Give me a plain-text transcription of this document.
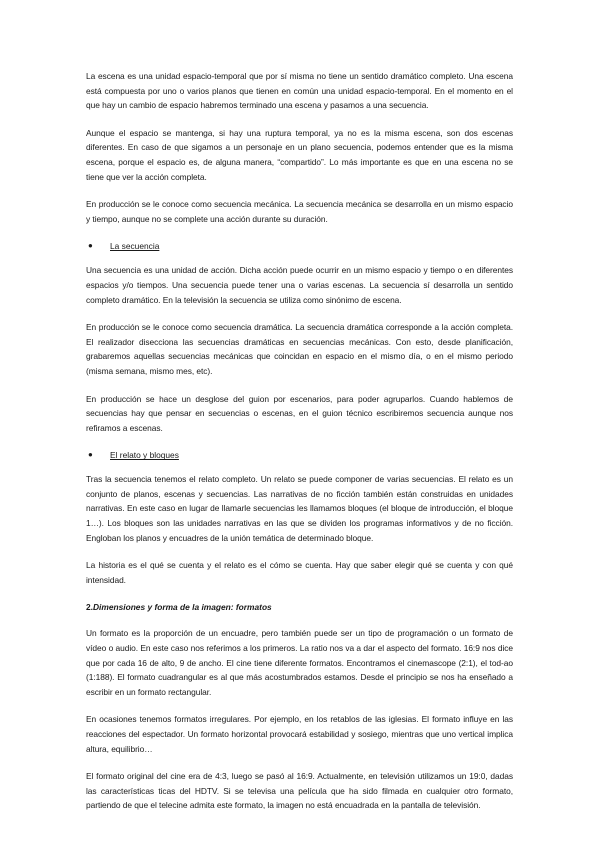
La escena es una unidad espacio-temporal que por sí misma no tiene un sentido dramático completo. Una escena está compuesta por uno o varios planos que tienen en común una unidad espacio-temporal. En el momento en el que hay un cambio de espacio habremos terminado una escena y pasamos a una secuencia.

Aunque el espacio se mantenga, si hay una ruptura temporal, ya no es la misma escena, son dos escenas diferentes. En caso de que sigamos a un personaje en un plano secuencia, podemos entender que es la misma escena, porque el espacio es, de alguna manera, “compartido”. Lo más importante es que en una escena no se tiene que ver la acción completa.

En producción se le conoce como secuencia mecánica. La secuencia mecánica se desarrolla en un mismo espacio y tiempo, aunque no se complete una acción durante su duración.

●	La secuencia

Una secuencia es una unidad de acción. Dicha acción puede ocurrir en un mismo espacio y tiempo o en diferentes espacios y/o tiempos. Una secuencia puede tener una o varias escenas. La secuencia sí desarrolla un sentido completo dramático. En la televisión la secuencia se utiliza como sinónimo de escena.

En producción se le conoce como secuencia dramática. La secuencia dramática corresponde a la acción completa. El realizador disecciona las secuencias dramáticas en secuencias mecánicas. Con esto, desde planificación, grabaremos aquellas secuencias mecánicas que coincidan en espacio en el mismo día, o en el mismo periodo (misma semana, mismo mes, etc).

En producción se hace un desglose del guion por escenarios, para poder agruparlos. Cuando hablemos de secuencias hay que pensar en secuencias o escenas, en el guion técnico escribiremos secuencia aunque nos refiramos a escenas.

●	El relato y bloques

Tras la secuencia tenemos el relato completo. Un relato se puede componer de varias secuencias. El relato es un conjunto de planos, escenas y secuencias. Las narrativas de no ficción también están construidas en unidades narrativas. En este caso en lugar de llamarle secuencias les llamamos bloques (el bloque de introducción, el bloque 1…). Los bloques son las unidades narrativas en las que se dividen los programas informativos y de no ficción. Engloban los planos y encuadres de la unión temática de determinado bloque.

La historia es el qué se cuenta y el relato es el cómo se cuenta. Hay que saber elegir qué se cuenta y con qué intensidad.

2.Dimensiones y forma de la imagen: formatos

Un formato es la proporción de un encuadre, pero también puede ser un tipo de programación o un formato de vídeo o audio. En este caso nos referimos a los primeros. La ratio nos va a dar el aspecto del formato. 16:9 nos dice que por cada 16 de alto, 9 de ancho. El cine tiene diferente formatos. Encontramos el cinemascope (2:1), el tod-ao (1:188). El formato cuadrangular es al que más acostumbrados estamos. Desde el principio se nos ha enseñado a escribir en un formato rectangular.

En ocasiones tenemos formatos irregulares. Por ejemplo, en los retablos de las iglesias. El formato influye en las reacciones del espectador. Un formato horizontal provocará estabilidad y sosiego, mientras que uno vertical implica altura, equilibrio…

El formato original del cine era de 4:3, luego se pasó al 16:9. Actualmente, en televisión utilizamos un 19:0, dadas las características ticas del HDTV. Si se televisa una película que ha sido filmada en cualquier otro formato, partiendo de que el telecine admita este formato, la imagen no está encuadrada en la pantalla de televisión.
